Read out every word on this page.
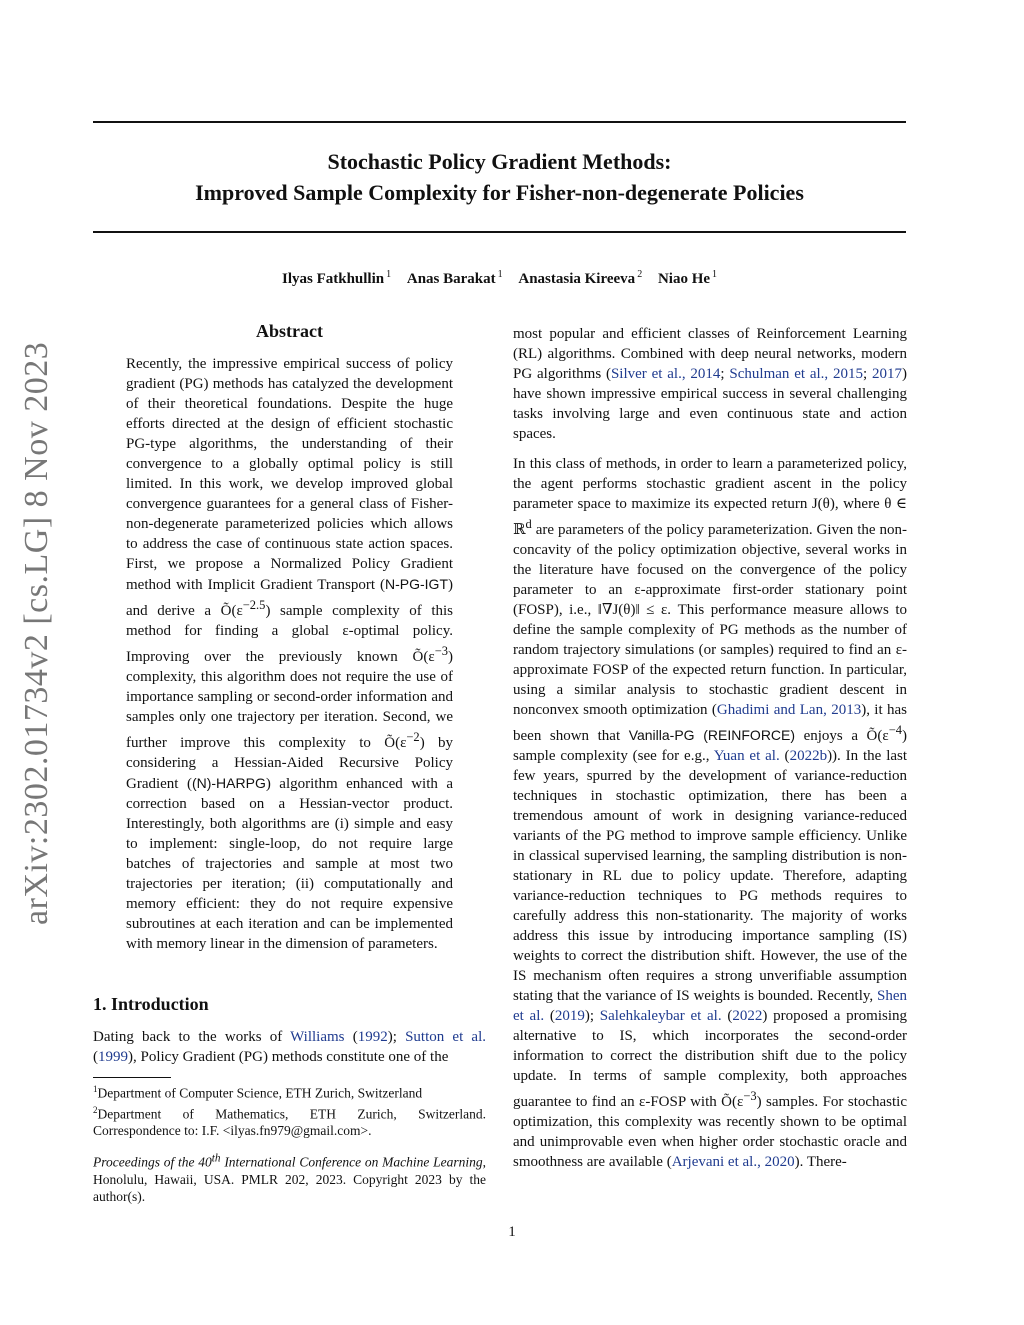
arXiv:2302.01734v2 [cs.LG] 8 Nov 2023
Stochastic Policy Gradient Methods:
Improved Sample Complexity for Fisher-non-degenerate Policies
Ilyas Fatkhullin $^1$ Anas Barakat $^1$ Anastasia Kireeva $^2$ Niao He $^1$
Abstract
Recently, the impressive empirical success of policy gradient (PG) methods has catalyzed the development of their theoretical foundations. Despite the huge efforts directed at the design of efficient stochastic PG-type algorithms, the understanding of their convergence to a globally optimal policy is still limited. In this work, we develop improved global convergence guarantees for a general class of Fisher-non-degenerate parameterized policies which allows to address the case of continuous state action spaces. First, we propose a Normalized Policy Gradient method with Implicit Gradient Transport (N-PG-IGT) and derive a $Õ(\varepsilon^{-2.5})$ sample complexity of this method for finding a global ε-optimal policy. Improving over the previously known $Õ(\varepsilon^{-3})$ complexity, this algorithm does not require the use of importance sampling or second-order information and samples only one trajectory per iteration. Second, we further improve this complexity to $Õ(\varepsilon^{-2})$ by considering a Hessian-Aided Recursive Policy Gradient ((N)-HARPG) algorithm enhanced with a correction based on a Hessian-vector product. Interestingly, both algorithms are (i) simple and easy to implement: single-loop, do not require large batches of trajectories and sample at most two trajectories per iteration; (ii) computationally and memory efficient: they do not require expensive subroutines at each iteration and can be implemented with memory linear in the dimension of parameters.
1. Introduction
Dating back to the works of Williams (1992); Sutton et al. (1999), Policy Gradient (PG) methods constitute one of the
$^1$Department of Computer Science, ETH Zurich, Switzerland
$^2$Department of Mathematics, ETH Zurich, Switzerland. Correspondence to: I.F. <ilyas.fn979@gmail.com>.
Proceedings of the 40th International Conference on Machine Learning, Honolulu, Hawaii, USA. PMLR 202, 2023. Copyright 2023 by the author(s).

most popular and efficient classes of Reinforcement Learning (RL) algorithms. Combined with deep neural networks, modern PG algorithms (Silver et al., 2014; Schulman et al., 2015; 2017) have shown impressive empirical success in several challenging tasks involving large and even continuous state and action spaces.

In this class of methods, in order to learn a parameterized policy, the agent performs stochastic gradient ascent in the policy parameter space to maximize its expected return J(θ), where θ ∈ ℝ$^d$ are parameters of the policy parameterization. Given the non-concavity of the policy optimization objective, several works in the literature have focused on the convergence of the policy parameter to an ε-approximate first-order stationary point (FOSP), i.e., ‖∇J(θ)‖ ≤ ε. This performance measure allows to define the sample complexity of PG methods as the number of random trajectory simulations (or samples) required to find an ε-approximate FOSP of the expected return function. In particular, using a similar analysis to stochastic gradient descent in nonconvex smooth optimization (Ghadimi and Lan, 2013), it has been shown that Vanilla-PG (REINFORCE) enjoys a $Õ(\varepsilon^{-4})$ sample complexity (see for e.g., Yuan et al. (2022b)). In the last few years, spurred by the development of variance-reduction techniques in stochastic optimization, there has been a tremendous amount of work in designing variance-reduced variants of the PG method to improve sample efficiency. Unlike in classical supervised learning, the sampling distribution is non-stationary in RL due to policy update. Therefore, adapting variance-reduction techniques to PG methods requires to carefully address this non-stationarity. The majority of works address this issue by introducing importance sampling (IS) weights to correct the distribution shift. However, the use of the IS mechanism often requires a strong unverifiable assumption stating that the variance of IS weights is bounded. Recently, Shen et al. (2019); Salehkaleybar et al. (2022) proposed a promising alternative to IS, which incorporates the second-order information to correct the distribution shift due to the policy update. In terms of sample complexity, both approaches guarantee to find an ε-FOSP with $Õ(\varepsilon^{-3})$ samples. For stochastic optimization, this complexity was recently shown to be optimal and unimprovable even when higher order stochastic oracle and smoothness are available (Arjevani et al., 2020). There-

1
